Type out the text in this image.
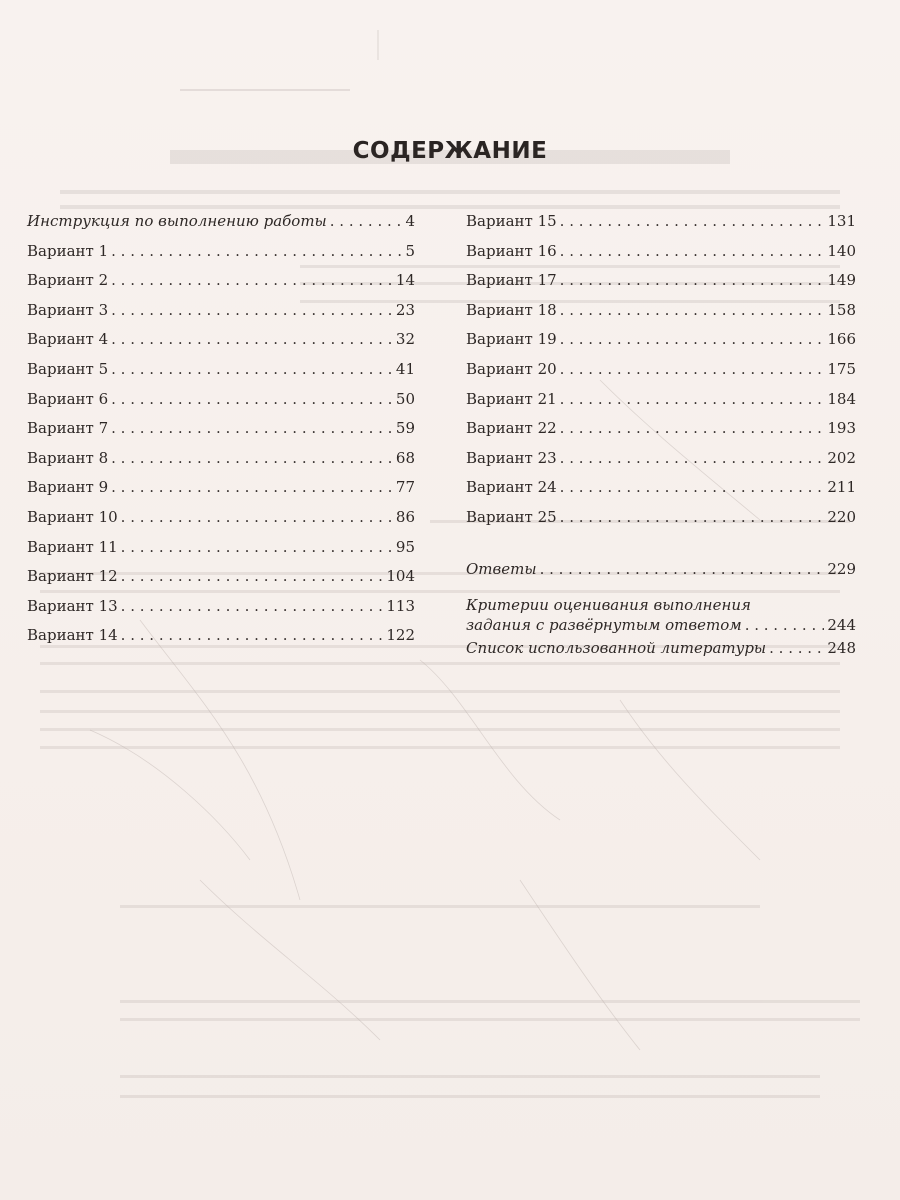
СОДЕРЖАНИЕ
Инструкция по выполнению работы . . .	4
Вариант 1 . . .	5
Вариант 2 . . .	14
Вариант 3 . . .	23
Вариант 4 . . .	32
Вариант 5 . . .	41
Вариант 6 . . .	50
Вариант 7 . . .	59
Вариант 8 . . .	68
Вариант 9 . . .	77
Вариант 10 . . .	86
Вариант 11 . . .	95
Вариант 12 . . .	104
Вариант 13 . . .	113
Вариант 14 . . .	122
Вариант 15 . . .	131
Вариант 16 . . .	140
Вариант 17 . . .	149
Вариант 18 . . .	158
Вариант 19 . . .	166
Вариант 20 . . .	175
Вариант 21 . . .	184
Вариант 22 . . .	193
Вариант 23 . . .	202
Вариант 24 . . .	211
Вариант 25 . . .	220
Ответы . . .	229
Критерии оценивания выполнения
задания с развёрнутым ответом . . .	244
Список использованной литературы . . .	248
